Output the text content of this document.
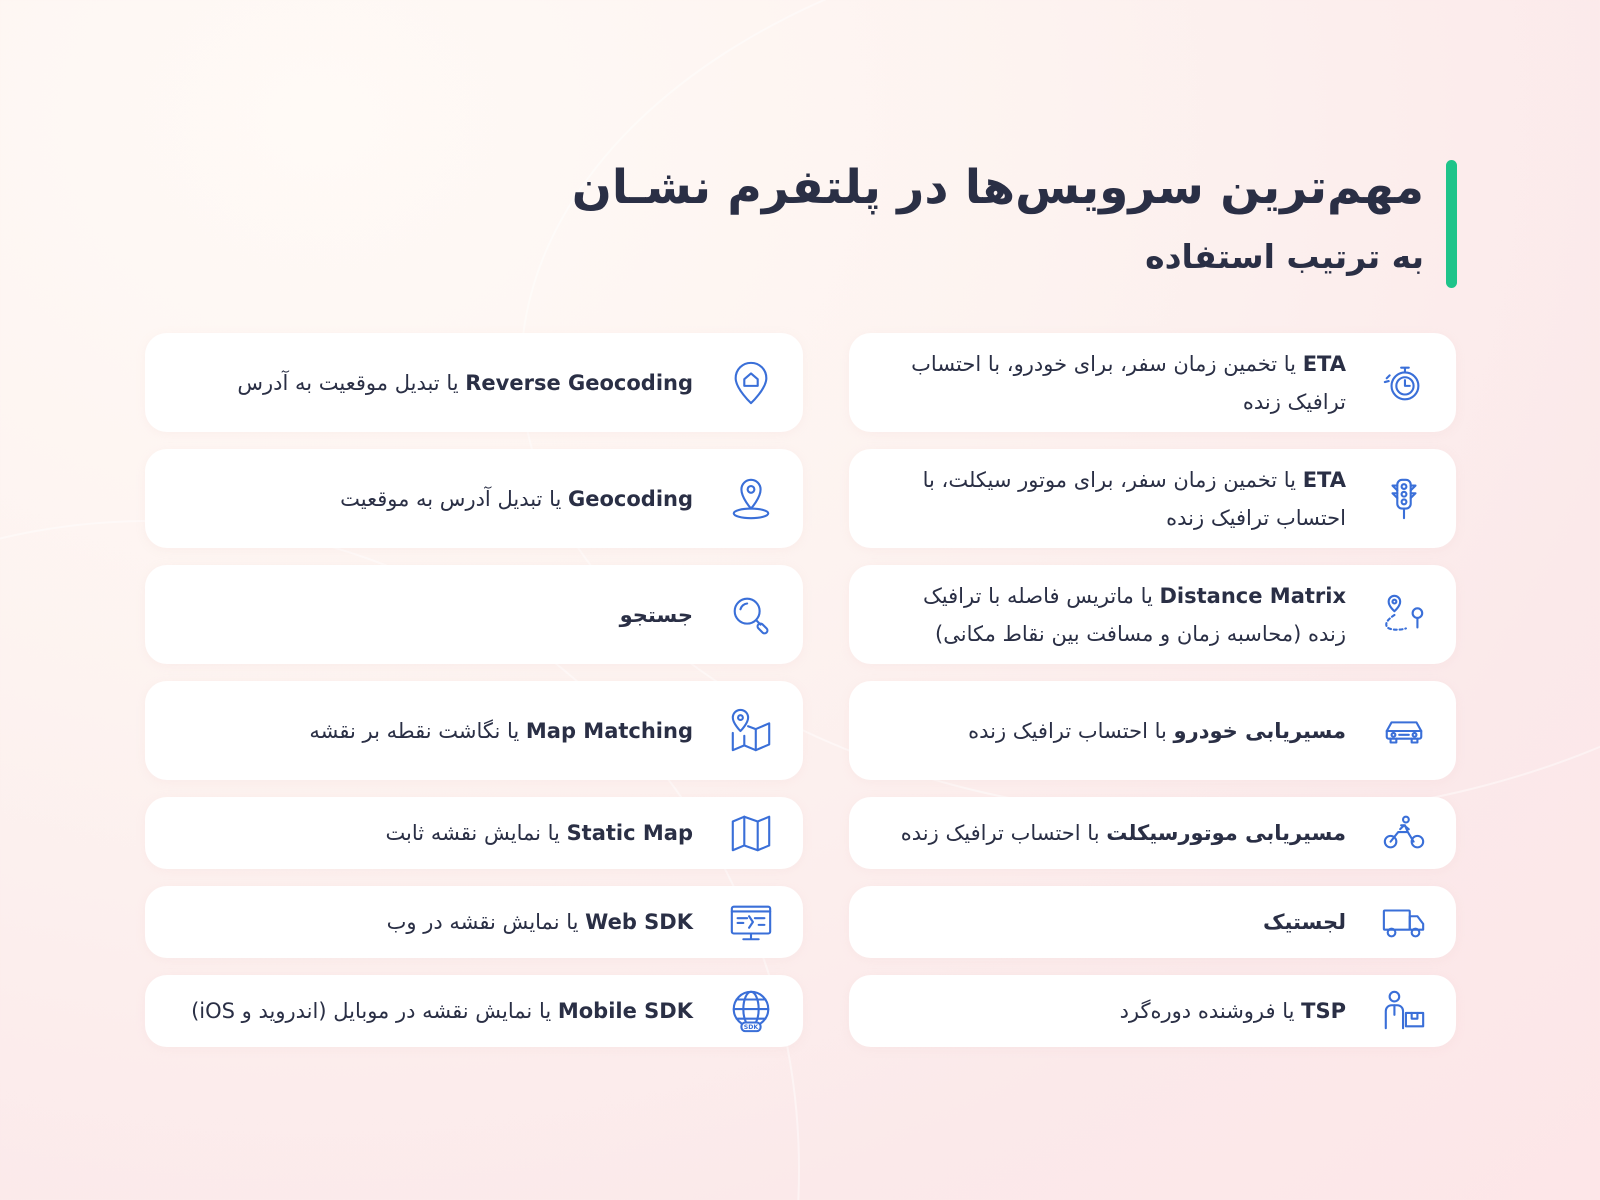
مهم‌ترین سرویس‌ها در پلتفرم نشـان
به ترتیب استفاده
ETA یا تخمین زمان سفر، برای خودرو، با احتساب ترافیک زنده
ETA یا تخمین زمان سفر، برای موتور سیکلت، با احتساب ترافیک زنده
Distance Matrix یا ماتریس فاصله با ترافیک زنده (محاسبه زمان و مسافت بین نقاط مکانی)
مسیریابی خودرو با احتساب ترافیک زنده
مسیریابی موتورسیکلت با احتساب ترافیک زنده
لجستیک
TSP یا فروشنده دوره‌گرد
Reverse Geocoding یا تبدیل موقعیت به آدرس
Geocoding یا تبدیل آدرس به موقعیت
جستجو
Map Matching یا نگاشت نقطه بر نقشه
Static Map یا نمایش نقشه ثابت
Web SDK یا نمایش نقشه در وب
SDK
Mobile SDK یا نمایش نقشه در موبایل (اندروید و iOS)
